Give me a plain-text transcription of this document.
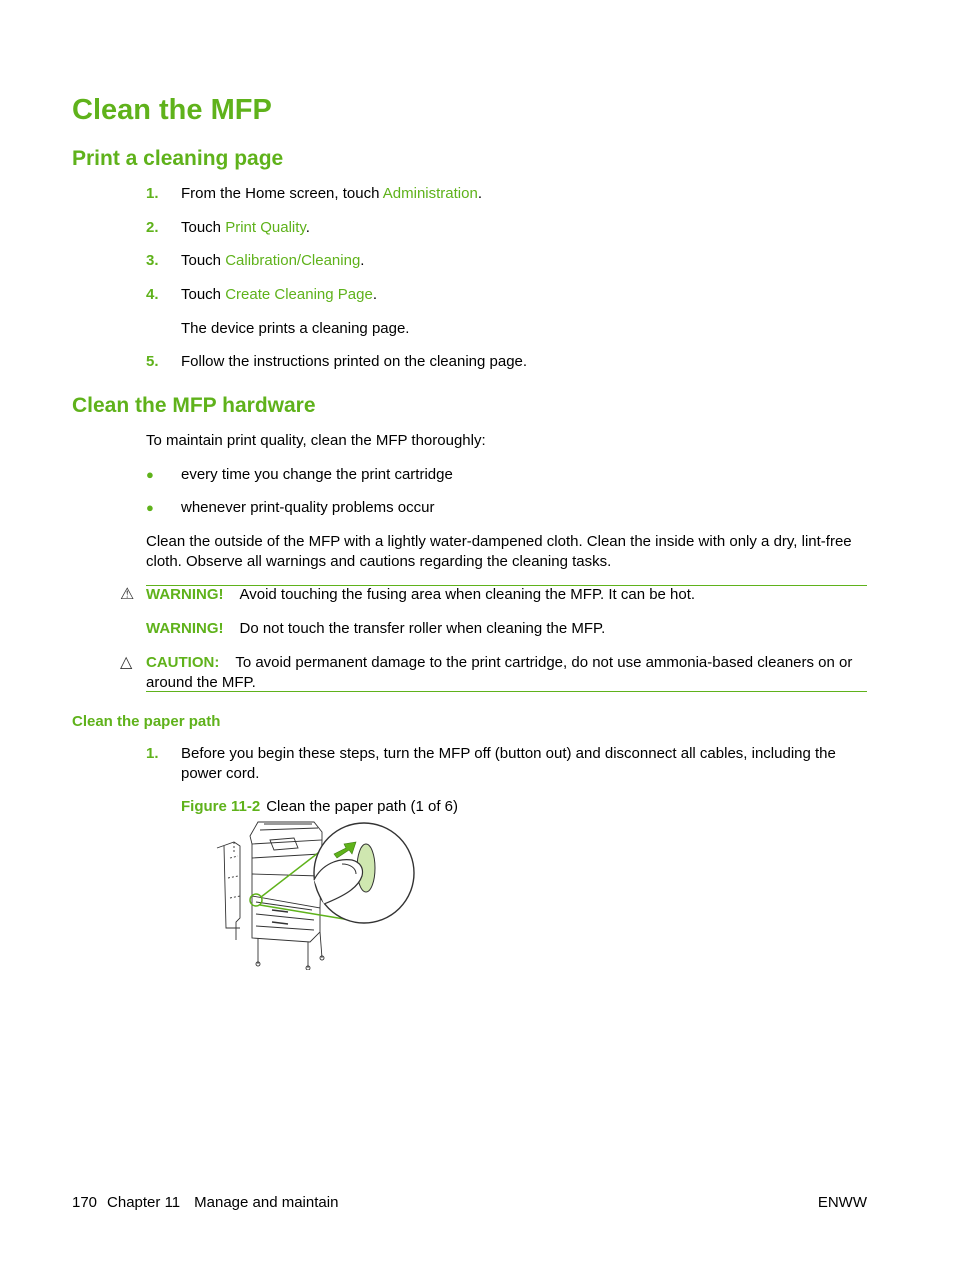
Clean the MFP
Print a cleaning page
1. From the Home screen, touch Administration.
2. Touch Print Quality.
3. Touch Calibration/Cleaning.
4. Touch Create Cleaning Page.
The device prints a cleaning page.
5. Follow the instructions printed on the cleaning page.
Clean the MFP hardware
To maintain print quality, clean the MFP thoroughly:
● every time you change the print cartridge
● whenever print-quality problems occur
Clean the outside of the MFP with a lightly water-dampened cloth. Clean the inside with only a dry, lint-free cloth. Observe all warnings and cautions regarding the cleaning tasks.
⚠ WARNING! Avoid touching the fusing area when cleaning the MFP. It can be hot.
WARNING! Do not touch the transfer roller when cleaning the MFP.
△ CAUTION: To avoid permanent damage to the print cartridge, do not use ammonia-based cleaners on or around the MFP.
Clean the paper path
1. Before you begin these steps, turn the MFP off (button out) and disconnect all cables, including the power cord.
Figure 11-2 Clean the paper path (1 of 6)
170 Chapter 11 Manage and maintain	ENWW
